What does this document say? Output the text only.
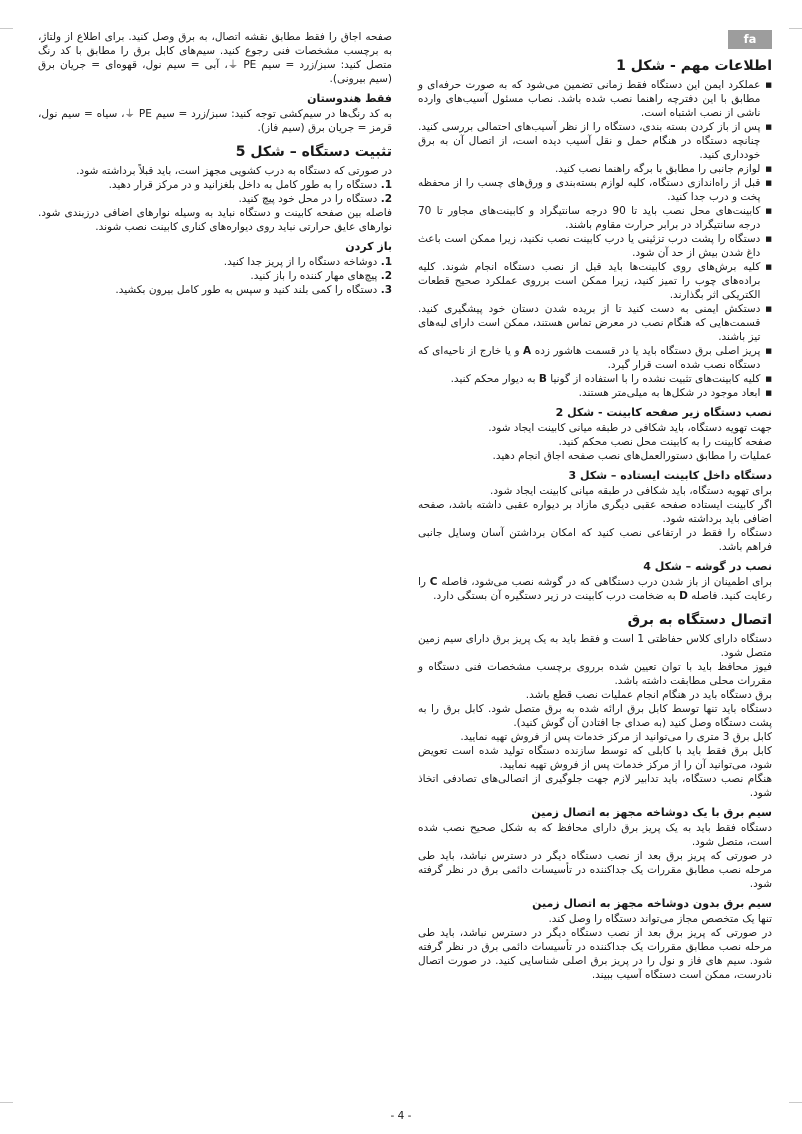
fa
اطلاعات مهم - شکل 1
■
عملکرد ایمن این دستگاه فقط زمانی تضمین می‌شود که به صورت حرفه‌ای و مطابق با این دفترچه راهنما نصب شده باشد. نصاب مسئول آسیب‌های وارده ناشی از نصب اشتباه است.
■
پس از باز کردن بسته بندی، دستگاه را از نظر آسیب‌های احتمالی بررسی کنید. چنانچه دستگاه در هنگام حمل و نقل آسیب دیده است، از اتصال آن به برق خودداری کنید.
■
لوازم جانبی را مطابق با برگه راهنما نصب کنید.
■
قبل از راه‌اندازی دستگاه، کلیه لوازم بسته‌بندی و ورق‌های چسب را از محفظه پخت و درب جدا کنید.
■
کابینت‌های محل نصب باید تا 90 درجه سانتیگراد و کابینت‌های مجاور تا 70 درجه سانتیگراد در برابر حرارت مقاوم باشند.
■
دستگاه را پشت درب تزئینی یا درب کابینت نصب نکنید، زیرا ممکن است باعث داغ شدن بیش از حد آن شود.
■
کلیه برش‌های روی کابینت‌ها باید قبل از نصب دستگاه انجام شوند. کلیه براده‌های چوب را تمیز کنید، زیرا ممکن است برروی عملکرد صحیح قطعات الکتریکی اثر بگذارند.
■
دستکش ایمنی به دست کنید تا از بریده شدن دستان خود پیشگیری کنید. قسمت‌هایی که هنگام نصب در معرض تماس هستند، ممکن است دارای لبه‌های تیز باشند.
■
پریز اصلی برق دستگاه باید یا در قسمت هاشور زده A و یا خارج از ناحیه‌ای که دستگاه نصب شده است قرار گیرد.
■
کلیه کابینت‌های تثبیت نشده را با استفاده از گونیا B به دیوار محکم کنید.
■
ابعاد موجود در شکل‌ها به میلی‌متر هستند.
نصب دستگاه زیر صفحه کابینت - شکل 2

جهت تهویه دستگاه، باید شکافی در طبقه میانی کابینت ایجاد شود.

صفحه کابینت را به کابینت محل نصب محکم کنید.

عملیات را مطابق دستورالعمل‌های نصب صفحه اجاق انجام دهید.

دستگاه داخل کابینت ایستاده – شکل 3

برای تهویه دستگاه، باید شکافی در طبقه میانی کابینت ایجاد شود.

اگر کابینت ایستاده صفحه عقبی دیگری مازاد بر دیواره عقبی داشته باشد، صفحه اضافی باید برداشته شود.

دستگاه را فقط در ارتفاعی نصب کنید که امکان برداشتن آسان وسایل جانبی فراهم باشد.

نصب در گوشه – شکل 4

برای اطمینان از باز شدن درب دستگاهی که در گوشه نصب می‌شود، فاصله C را رعایت کنید. فاصله D به ضخامت درب کابینت در زیر دستگیره آن بستگی دارد.

اتصال دستگاه به برق

دستگاه دارای کلاس حفاظتی 1 است و فقط باید به یک پریز برق دارای سیم زمین متصل شود.

فیوز محافظ باید با توان تعیین شده برروی برچسب مشخصات فنی دستگاه و مقررات محلی مطابقت داشته باشد.

برق دستگاه باید در هنگام انجام عملیات نصب قطع باشد.

دستگاه باید تنها توسط کابل برق ارائه شده به برق متصل شود. کابل برق را به پشت دستگاه وصل کنید (به صدای جا افتادن آن گوش کنید).

کابل برق 3 متری را می‌توانید از مرکز خدمات پس از فروش تهیه نمایید.

کابل برق فقط باید با کابلی که توسط سازنده دستگاه تولید شده است تعویض شود، می‌توانید آن را از مرکز خدمات پس از فروش تهیه نمایید.

هنگام نصب دستگاه، باید تدابیر لازم جهت جلوگیری از اتصالی‌های تصادفی اتخاذ شود.

سیم برق با یک دوشاخه مجهز به اتصال زمین

دستگاه فقط باید به یک پریز برق دارای محافظ که به شکل صحیح نصب شده است، متصل شود.

در صورتی که پریز برق بعد از نصب دستگاه دیگر در دسترس نباشد، باید طی مرحله نصب مطابق مقررات یک جداکننده در تأسیسات دائمی برق در نظر گرفته شود.

سیم برق بدون دوشاخه مجهز به اتصال زمین

تنها یک متخصص مجاز می‌تواند دستگاه را وصل کند.

در صورتی که پریز برق بعد از نصب دستگاه دیگر در دسترس نباشد، باید طی مرحله نصب مطابق مقررات یک جداکننده در تأسیسات دائمی برق در نظر گرفته شود. سیم های فاز و نول را در پریز برق اصلی شناسایی کنید. در صورت اتصال نادرست، ممکن است دستگاه آسیب ببیند.

صفحه اجاق را فقط مطابق نقشه اتصال، به برق وصل کنید. برای اطلاع از ولتاژ، به برچسب مشخصات فنی رجوع کنید. سیم‌های کابل برق را مطابق با کد رنگ متصل کنید: سبز/زرد = سیم PE ⏚، آبی = سیم نول، قهوه‌ای = جریان برق (سیم بیرونی).

فقط هندوستان

به کد رنگ‌ها در سیم‌کشی توجه کنید: سبز/زرد = سیم PE ⏚، سیاه = سیم نول، قرمز = جریان برق (سیم فاز).

تثبیت دستگاه – شکل 5

در صورتی که دستگاه به درب کشویی مجهز است، باید قبلاً برداشته شود.

1. دستگاه را به طور کامل به داخل بلغزانید و در مرکز قرار دهید.

2. دستگاه را در محل خود پیچ کنید.

فاصله بین صفحه کابینت و دستگاه نباید به وسیله نوارهای اضافی درزبندی شود. نوارهای عایق حرارتی نباید روی دیواره‌های کناری کابینت نصب شوند.

باز کردن

1. دوشاخه دستگاه را از پریز جدا کنید.

2. پیچ‌های مهار کننده را باز کنید.

3. دستگاه را کمی بلند کنید و سپس به طور کامل بیرون بکشید.

- 4 -
